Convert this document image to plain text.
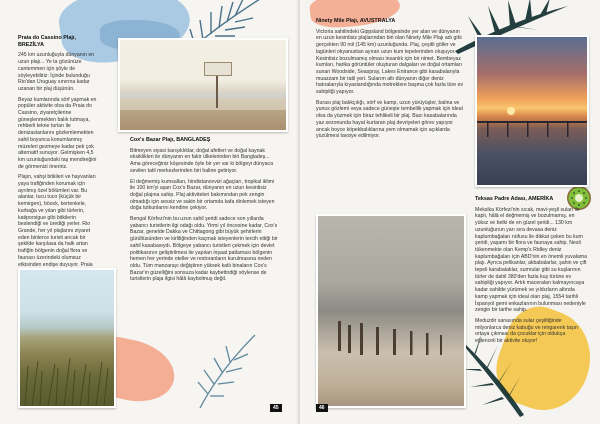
Praia do Cassino Plajı, BREZİLYA

245 km uzunluğuyla dünyanın en uzun plajı... Ye ta gözünüze cantemmen için şöyle de söyleyebiliriz: İçinde bulunduğu Rio'dan Uruguay sınırına kadar uzanan bir plaj düşünün.

Beyaz kumlarında sörf yapmak en popüler aktivite olsa da Praia do Cassino, ziyaretçilerine güneşlenmekten balık tutmaya, rehberli tekne turları ile denizaslanlarını gözlemlemekten sahil boyunca konumlanmış müzeleri gezmeye kadar pek çok alternatif sunuyor. Gelmişken 4,5 km uzunluğundaki taş mendireğini de görmenizi öneririz.

Plajın, vahşi bitkileri ve hayvanları yaya trafiğinden korumak için ayrılmış özel bölümleri var. Bu alanlar, tucu tuco (küçük bir kemirgen), böcek, kertenkele, kurbağa ve yılan gibi türlerin, katiporsigue gibi bitkilerin beslendiği ve ürediği yerler. Rio Grande, her yıl plajlarını ziyaret eden binlerce turisti ancak bir şekilde karşılasa da halk artan trafiğin bölgenin doğal flora ve faunası üzerindeki olumsuz etkisinden endişe duyuyor. Praia

Cox's Bazar Plajı, BANGLADEŞ

Bitmeyen siyasi karışıklıklar, doğal afetleri ve doğal kaynak eksiklikleri ile dünyanın en fakir ülkelerinden biri Bangladeş... Ama göreceğiniz köşesinde öyle bir yer var ki bölgeyi dünyaca sevilen tatil merkezlerinden biri haline getiriyor.

El değmemiş kumsalları, hindistancevizi ağaçları, tropikal iklimi ile 100 km'yi aşan Cox's Bazar, dünyanın en uzun kesintisiz doğal plajına sahip. Plaj aktiviteleri bakımından pek zengin olmadığı için sessiz ve sakin bir ortamda kafa dinlemek isteyen doğa tutkunlarını kendine çekiyor.

Bengal Körfezi'nin bu uzun sahil şeridi sadece son yıllarda yabancı turistlerin ilgi odağı oldu. Yirmi yıl öncesine kadar, Cox's Bazar, genelde Dakka ve Chittagong gibi büyük şehirlerin gürültüsünden ve kirliliğinden kaçmak isteyenlerin tercih ettiği bir sahil kasabasıydı. Bölgeye yabancı turistleri çekmek için devlet politikasının geliştirilmesi ile yapılan inşaat patlaması bölgenin hemen her yerinde oteller ve restoranların kurulmasına neden oldu. Tüm manzarayı değiştiren yüksek katlı binaların Cox's Bazar'ın güzelliğini sonsuza kadar kaybettirdiği söylense de turistlerin plaja ilgisi hâlâ kaybolmuş değil.

45
Ninety Mile Plajı, AVUSTRALYA

Victoria sahilindeki Gippsland bölgesinde yer alan ve dünyanın en uzun kesintisiz plajlarından biri olan Ninety Mile Plajı adı gibi gerçekten 90 mil (145 km) uzunluğunda. Plaj, çeşitli göller ve lagünleri okyanustan ayıran uzun kum tepelerinden oluşuyor. Kesintisiz bozulmamış olması insanlık için bir nimet. Bembeyaz kumları, harika görüntüler oluşturan dalgaları ve doğal ortamları sunan Woodside, Seaspray, Lakes Entrance gibi kasabalarıyla muazzam bir tatil yeri. Sularım altı dünyanın diğer deniz hatıralarıyla kıyaslandığında motreklere başma çok fazla türe ev sahipliği yapıyor.

Burası plaj balıkçılığı, sörf ve kamp, uzun yürüyüşler, balina ve yunus gözlemi veya sadece güneşte tembellik yapmak için ideal olsa da yüzmek için biraz tehlikeli bir plaj. Bazı kasabalarında yaz sezonunda hayat kurtaran plaj devriyeleri görev yapıyor ancak boyce köpekbalıklarına yem olmamak için açıklarda yüzülmesi tavsiye edilmiyor.

Teksas Padre Adası, AMERİKA

Meksika Körfezi'nin sıcak, mavi-yeşil suları ile kaplı, hâlâ el değmemiş ve bozulmamış, en yüksz ve belki de en güzel şeridi... 130 km uzunluğunun yarı sıra devasa deniz kaplumbağaları nüfusu ile dikkat çeken bu kum şeridi, yaşamı bir flora ve faunaya sahip. Nesli tükenmekte olan Kemp's Ridley deniz kaplumbağaları için ABD'nin en önemli yuvalama plajı. Ayrıca pelikanlar, akbabalarlar, şahin ve çift tepeli karabataklar, sumrular gibi su kuşlarının türler de dahil 380'den fazla kuş türüne ev sahipliği yapıyor. Artık maceraları kalmayıncaya kadar sahilde yürümek ve yıldızların altında kamp yapmak için ideal olan plaj, 1554 tarihli İspanyol gemi enkazlarının bulunması nedeniyle zengin bir tarihe sahip.

Meduzdir sanasında sular çeşitliğinde milyonlarca deniz kabuğu ve rengarenk taşın ortaya çıkması da çocuklar için oldukça eğlenceli bir aktivite oluyor!

46
